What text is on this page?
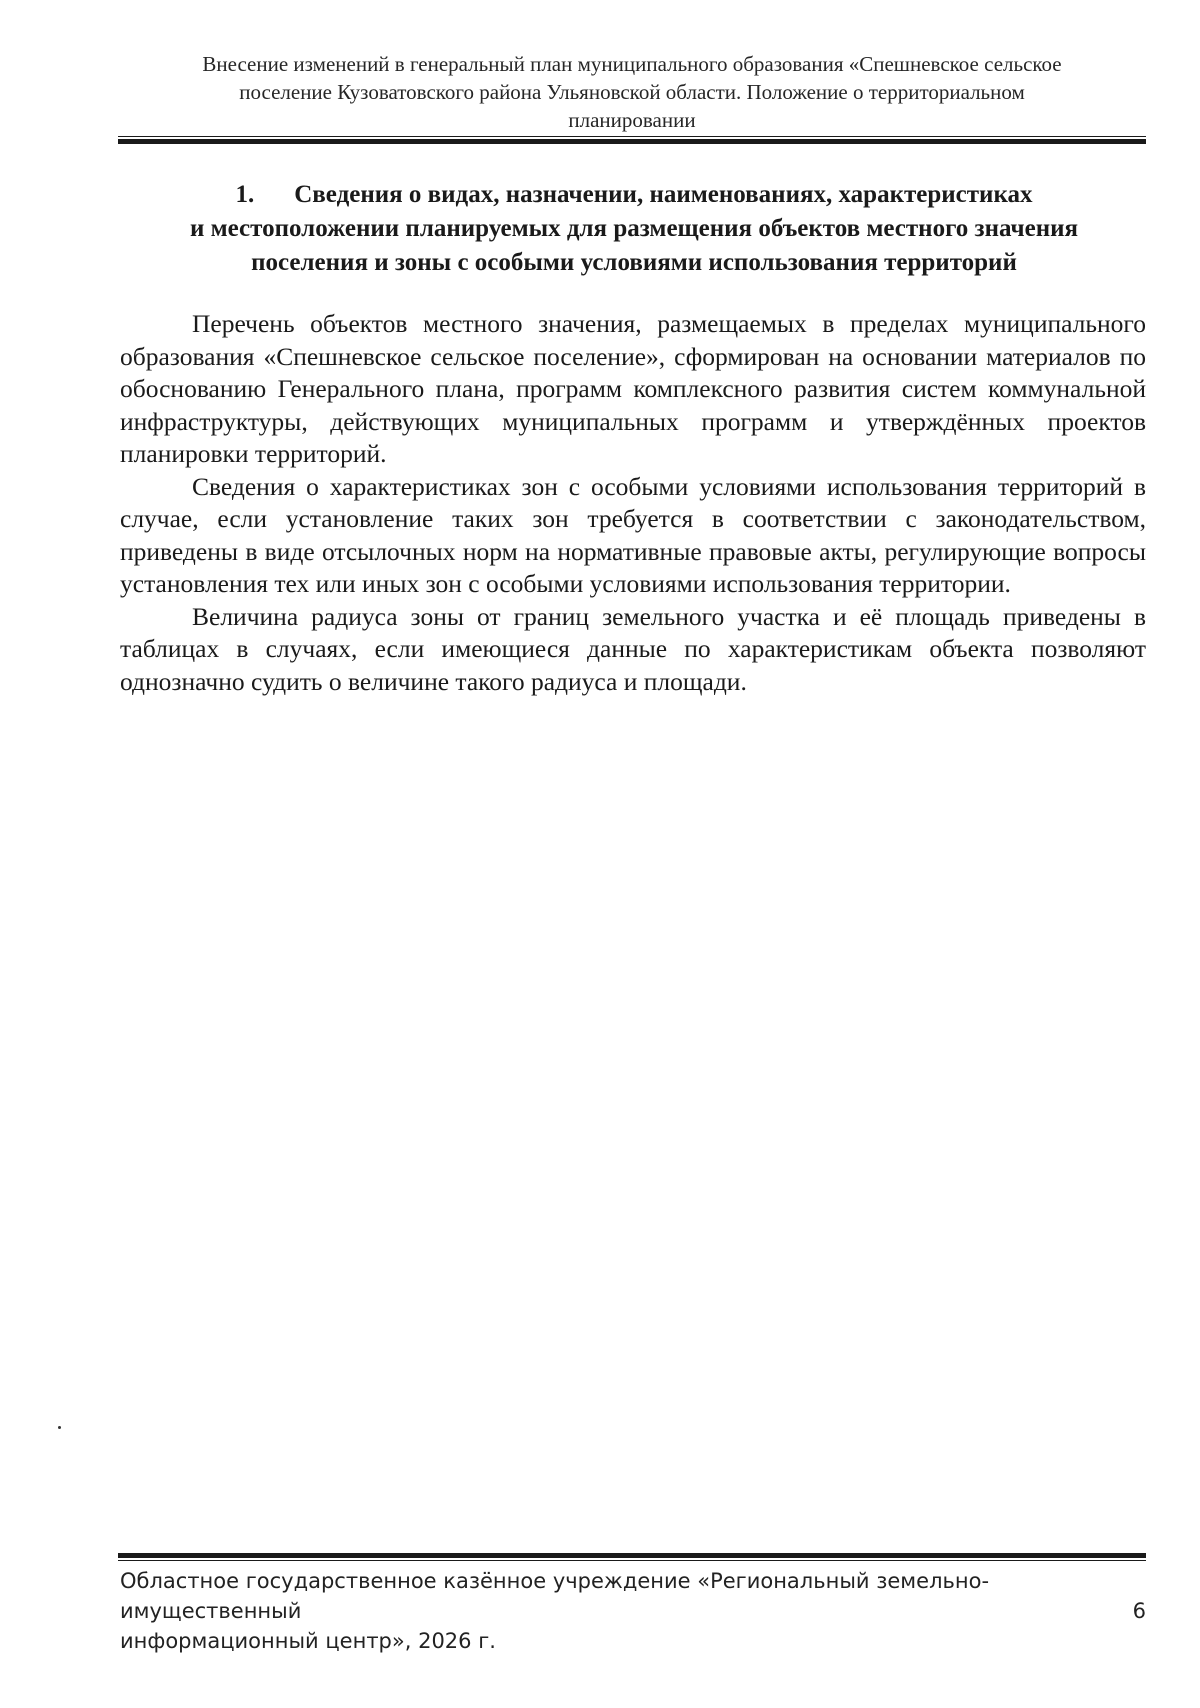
Внесение изменений в генеральный план муниципального образования «Спешневское сельское
поселение Кузоватовского района Ульяновской области. Положение о территориальном
планировании
1. Сведения о видах, назначении, наименованиях, характеристиках
и местоположении планируемых для размещения объектов местного значения
поселения и зоны с особыми условиями использования территорий

Перечень объектов местного значения, размещаемых в пределах муниципального образования «Спешневское сельское поселение», сформирован на основании материалов по обоснованию Генерального плана, программ комплексного развития систем коммунальной инфраструктуры, действующих муниципальных программ и утверждённых проектов планировки территорий.

Сведения о характеристиках зон с особыми условиями использования территорий в случае, если установление таких зон требуется в соответствии с законодательством, приведены в виде отсылочных норм на нормативные правовые акты, регулирующие вопросы установления тех или иных зон с особыми условиями использования территории.

Величина радиуса зоны от границ земельного участка и её площадь приведены в таблицах в случаях, если имеющиеся данные по характеристикам объекта позволяют однозначно судить о величине такого радиуса и площади.

Областное государственное казённое учреждение «Региональный земельно-имущественный
информационный центр», 2026 г.
6
